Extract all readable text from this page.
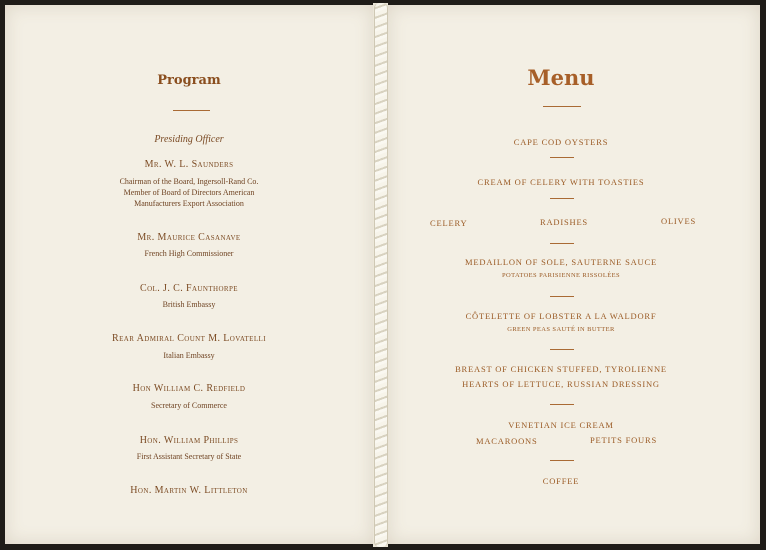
Program
Presiding Officer
Mr. W. L. Saunders
Chairman of the Board, Ingersoll-Rand Co.
Member of Board of Directors American
Manufacturers Export Association
Mr. Maurice Casanave
French High Commissioner
Col. J. C. Faunthorpe
British Embassy
Rear Admiral Count M. Lovatelli
Italian Embassy
Hon William C. Redfield
Secretary of Commerce
Hon. William Phillips
First Assistant Secretary of State
Hon. Martin W. Littleton
Menu
CAPE COD OYSTERS
CREAM OF CELERY WITH TOASTIES
CELERY	RADISHES	OLIVES
MEDAILLON OF SOLE, SAUTERNE SAUCE
POTATOES PARISIENNE RISSOLÉES
CÔTELETTE OF LOBSTER A LA WALDORF
GREEN PEAS SAUTÉ IN BUTTER
BREAST OF CHICKEN STUFFED, TYROLIENNE
HEARTS OF LETTUCE, RUSSIAN DRESSING
VENETIAN ICE CREAM
MACAROONS	PETITS FOURS
COFFEE
